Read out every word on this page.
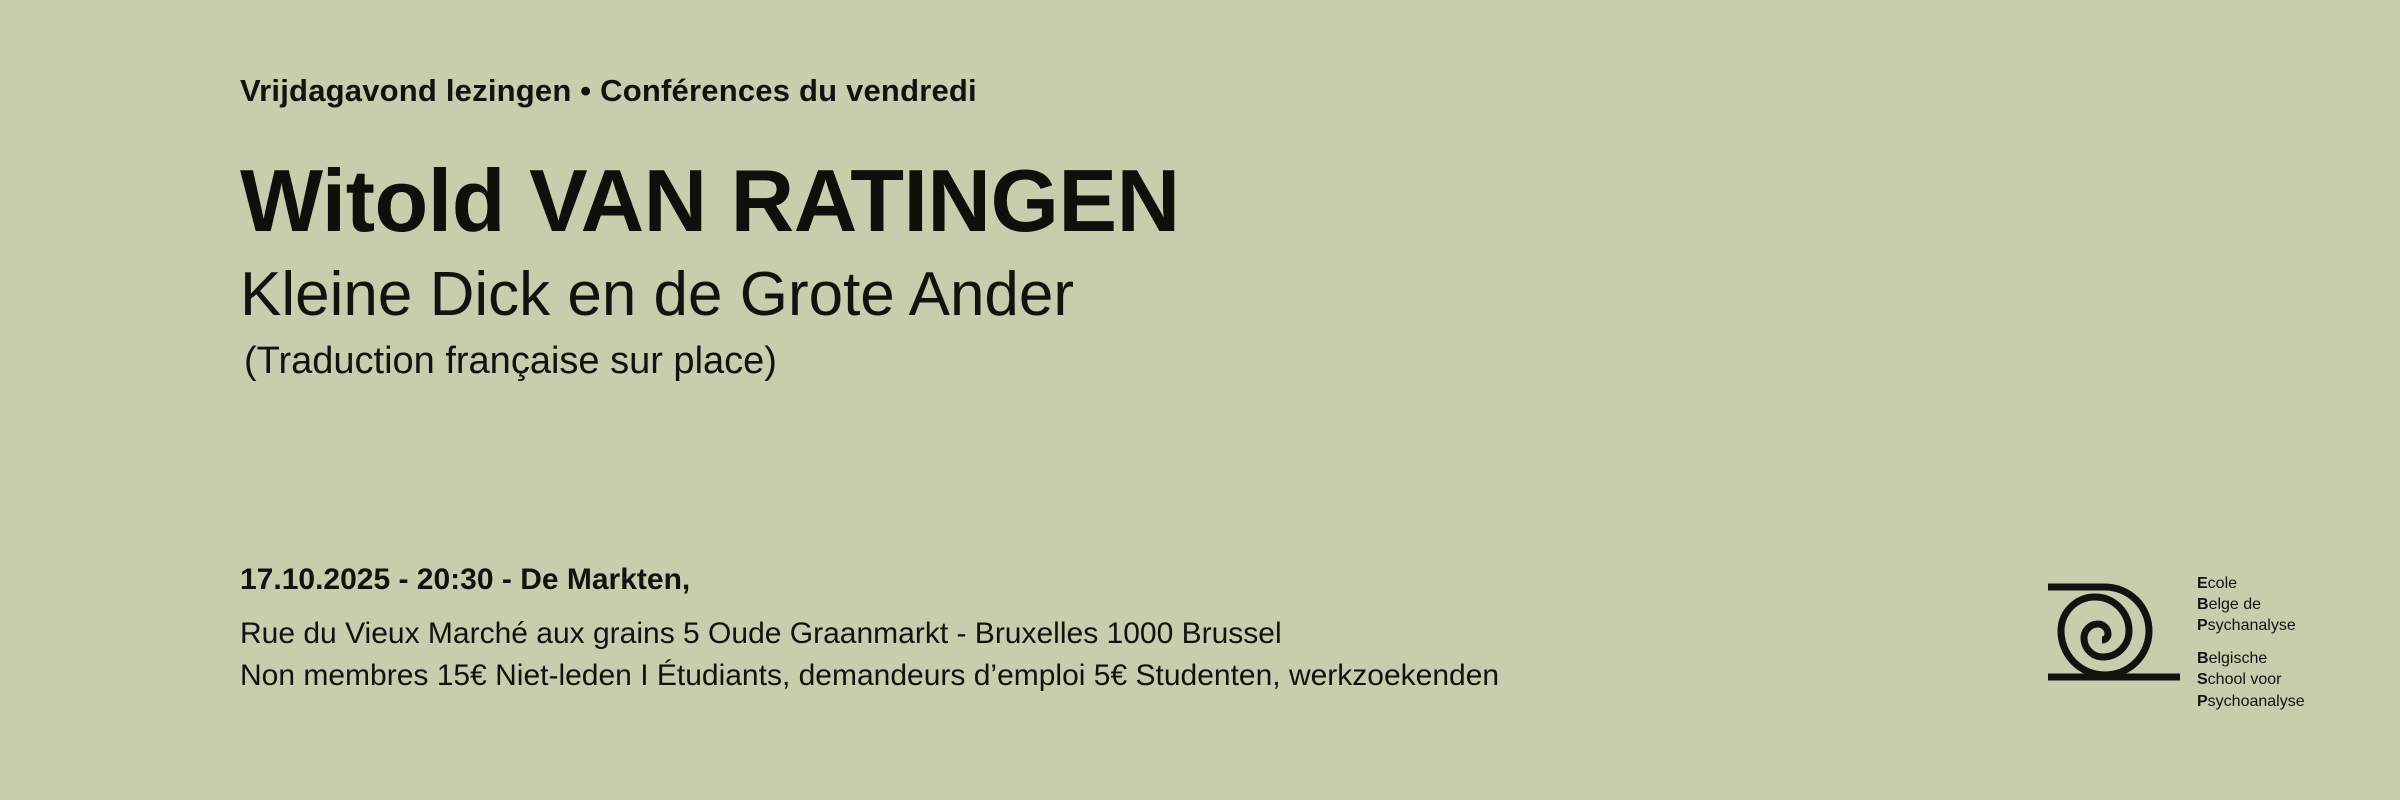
Vrijdagavond lezingen • Conférences du vendredi

Witold VAN RATINGEN
Kleine Dick en de Grote Ander

(Traduction française sur place)

17.10.2025 - 20:30 - De Markten,

Rue du Vieux Marché aux grains 5 Oude Graanmarkt - Bruxelles 1000 Brussel

Non membres 15€ Niet-leden I Étudiants, demandeurs d’emploi 5€ Studenten, werkzoekenden

Ecole
Belge de
Psychanalyse
Belgische
School voor
Psychoanalyse
